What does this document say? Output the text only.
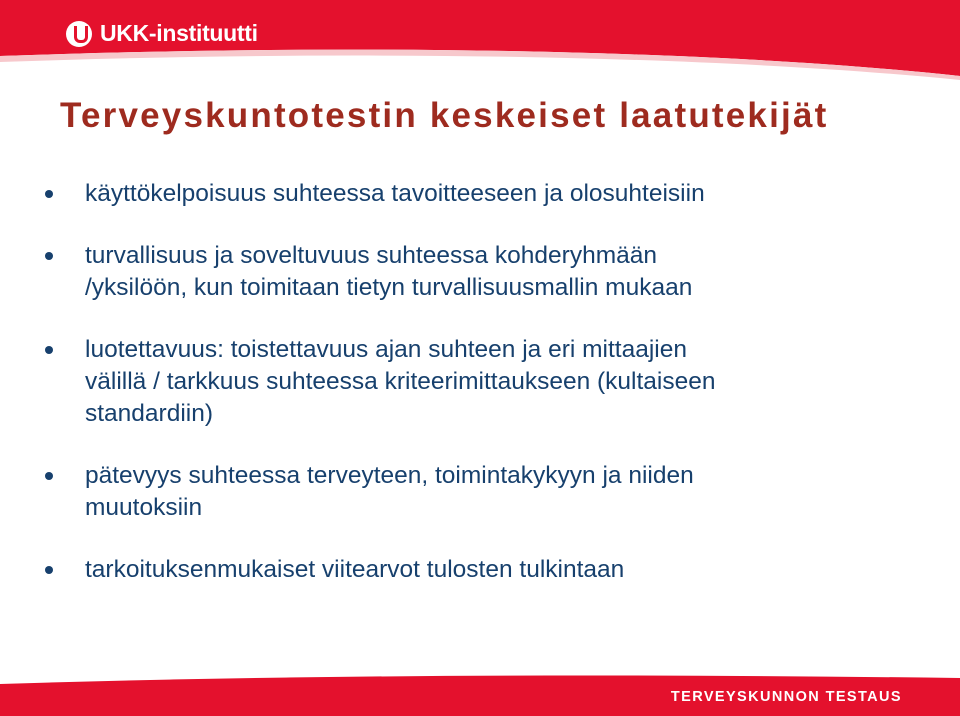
UKK-instituutti
Terveyskuntotestin keskeiset laatutekijät
käyttökelpoisuus suhteessa tavoitteeseen ja olosuhteisiin
turvallisuus ja soveltuvuus suhteessa kohderyhmään
/yksilöön, kun toimitaan tietyn turvallisuusmallin mukaan
luotettavuus: toistettavuus ajan suhteen ja eri mittaajien
välillä / tarkkuus suhteessa kriteerimittaukseen (kultaiseen
standardiin)
pätevyys suhteessa terveyteen, toimintakykyyn ja niiden
muutoksiin
tarkoituksenmukaiset viitearvot tulosten tulkintaan
TERVEYSKUNNON TESTAUS
